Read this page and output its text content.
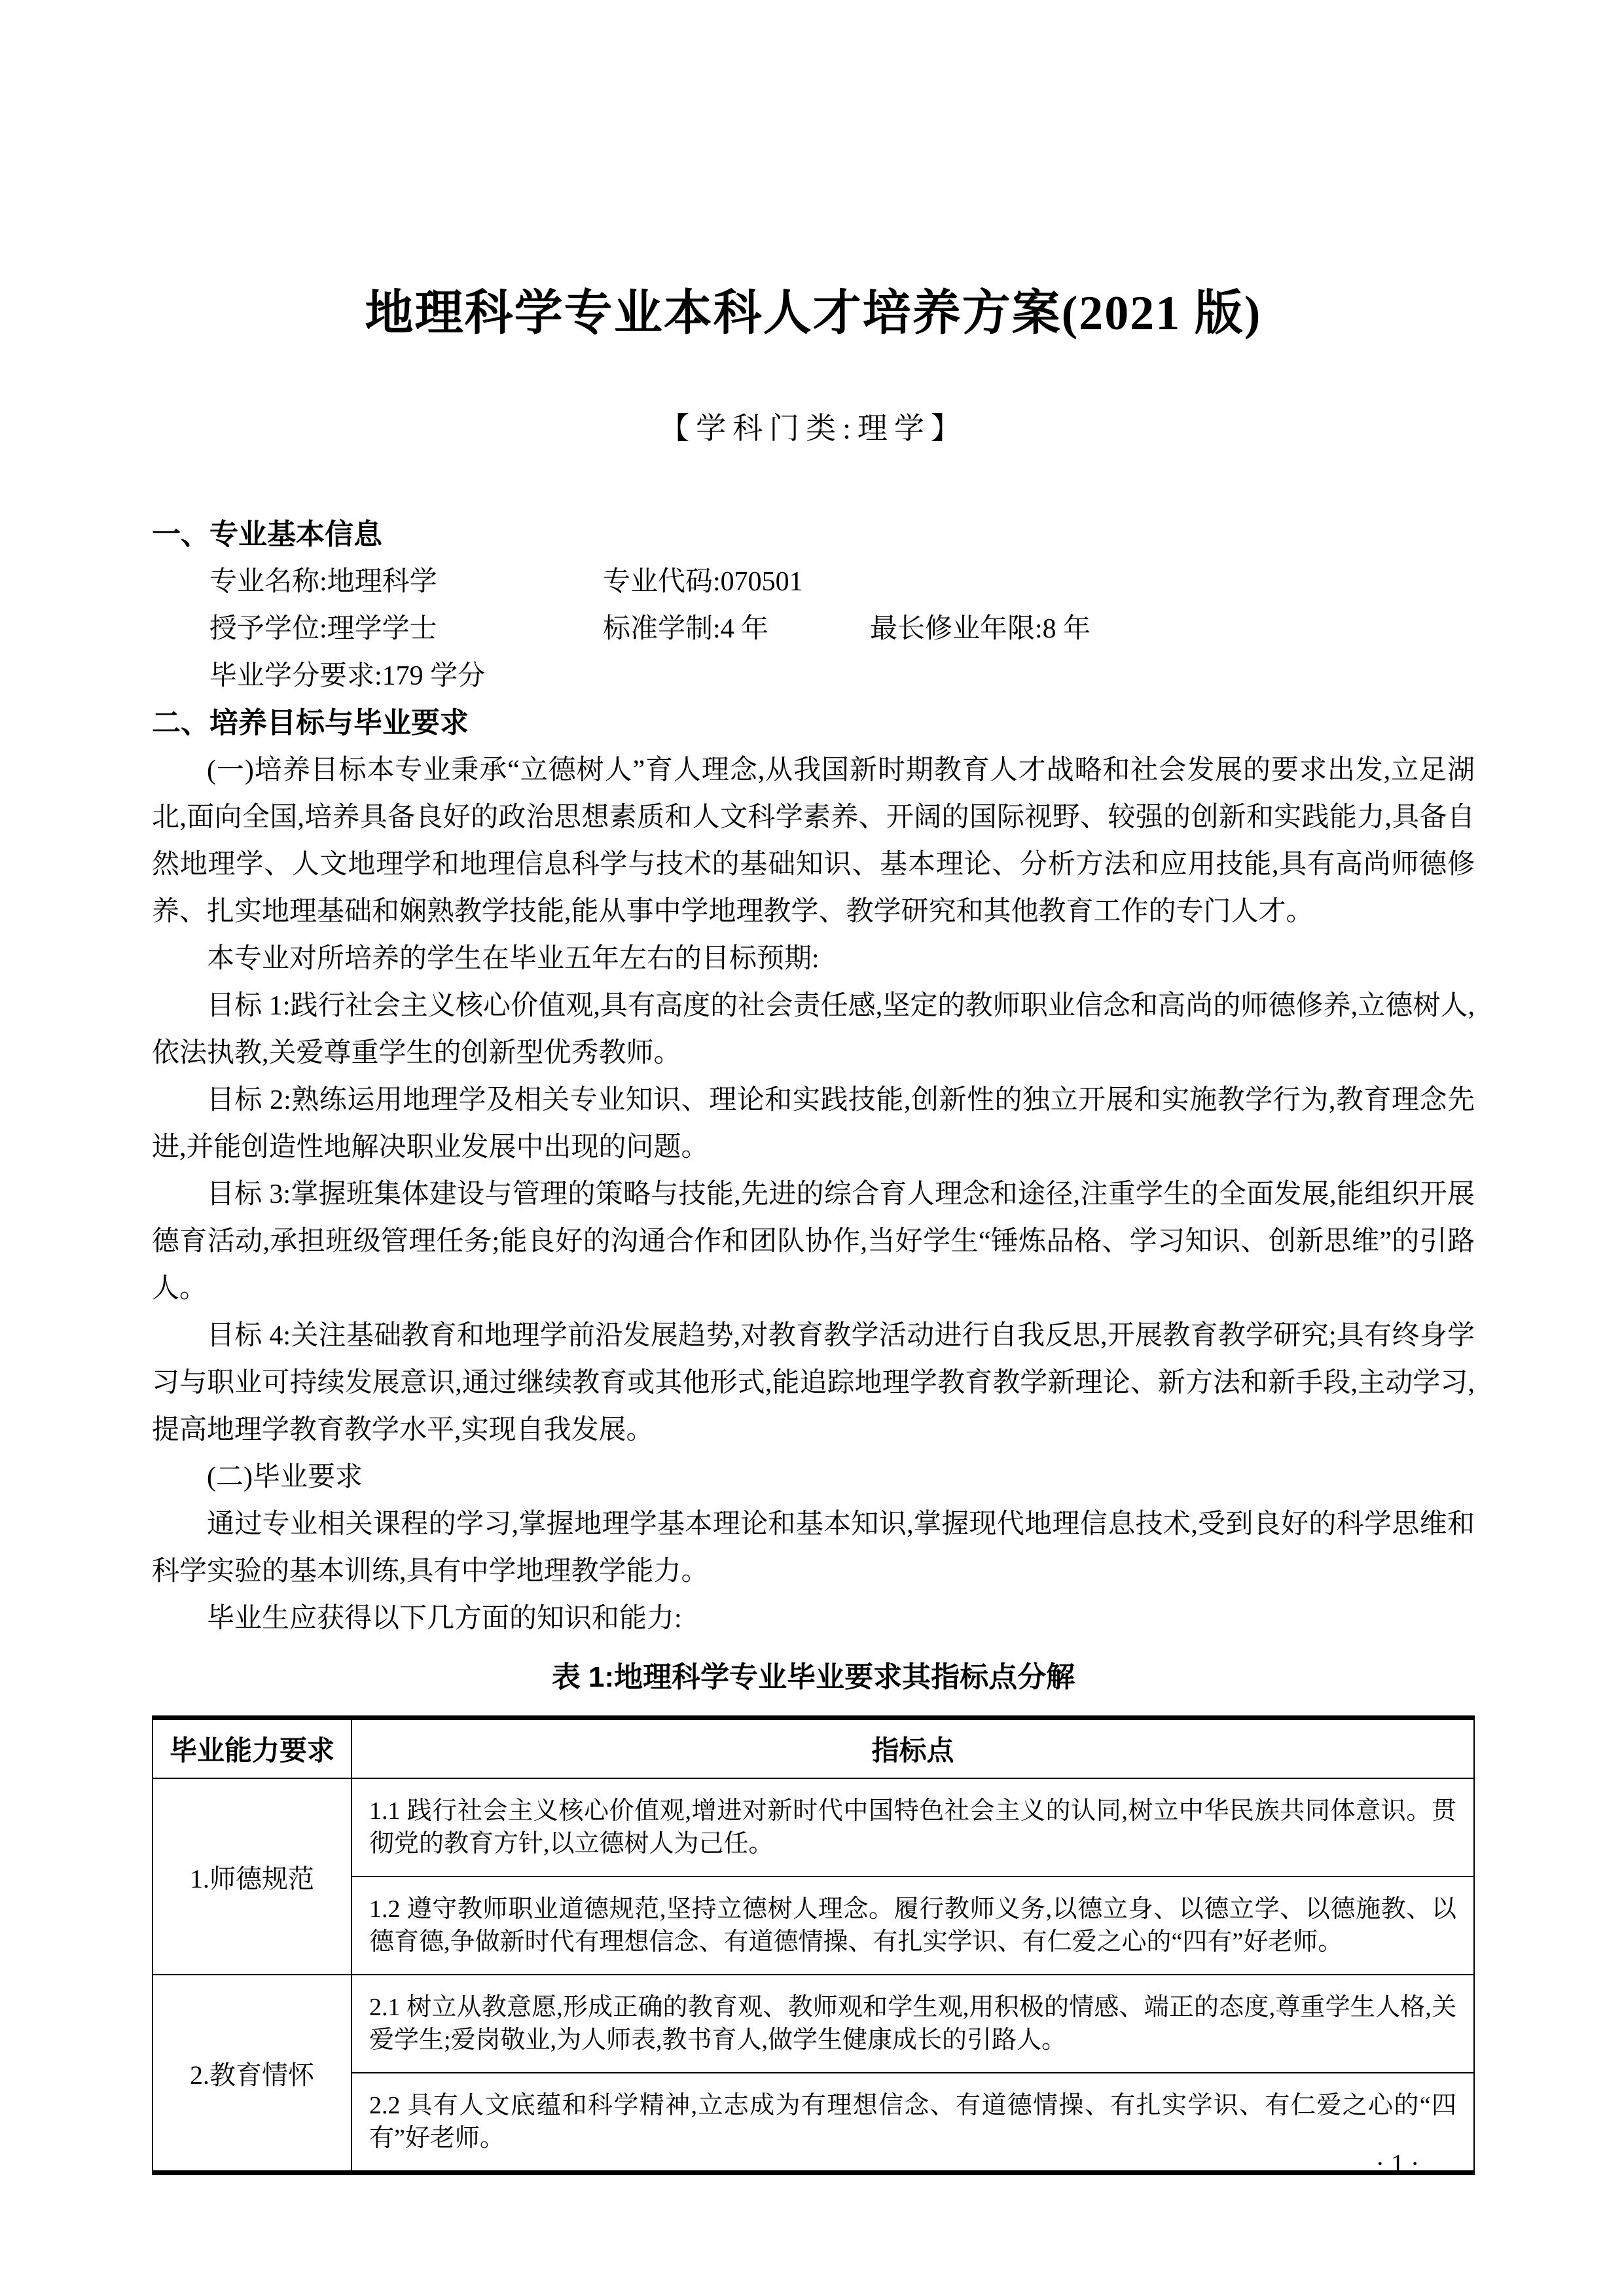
地理科学专业本科人才培养方案(2021 版)
【学科门类:理学】
一、专业基本信息
专业名称:地理科学	专业代码:070501
授予学位:理学学士	标准学制:4 年	最长修业年限:8 年
毕业学分要求:179 学分
二、培养目标与毕业要求

(一)培养目标本专业秉承“立德树人”育人理念,从我国新时期教育人才战略和社会发展的要求出发,立足湖北,面向全国,培养具备良好的政治思想素质和人文科学素养、开阔的国际视野、较强的创新和实践能力,具备自然地理学、人文地理学和地理信息科学与技术的基础知识、基本理论、分析方法和应用技能,具有高尚师德修养、扎实地理基础和娴熟教学技能,能从事中学地理教学、教学研究和其他教育工作的专门人才。

本专业对所培养的学生在毕业五年左右的目标预期:

目标 1:践行社会主义核心价值观,具有高度的社会责任感,坚定的教师职业信念和高尚的师德修养,立德树人,依法执教,关爱尊重学生的创新型优秀教师。

目标 2:熟练运用地理学及相关专业知识、理论和实践技能,创新性的独立开展和实施教学行为,教育理念先进,并能创造性地解决职业发展中出现的问题。

目标 3:掌握班集体建设与管理的策略与技能,先进的综合育人理念和途径,注重学生的全面发展,能组织开展德育活动,承担班级管理任务;能良好的沟通合作和团队协作,当好学生“锤炼品格、学习知识、创新思维”的引路人。

目标 4:关注基础教育和地理学前沿发展趋势,对教育教学活动进行自我反思,开展教育教学研究;具有终身学习与职业可持续发展意识,通过继续教育或其他形式,能追踪地理学教育教学新理论、新方法和新手段,主动学习,提高地理学教育教学水平,实现自我发展。

(二)毕业要求

通过专业相关课程的学习,掌握地理学基本理论和基本知识,掌握现代地理信息技术,受到良好的科学思维和科学实验的基本训练,具有中学地理教学能力。

毕业生应获得以下几方面的知识和能力:

表 1:地理科学专业毕业要求其指标点分解
毕业能力要求	指标点
1.师德规范	1.1 践行社会主义核心价值观,增进对新时代中国特色社会主义的认同,树立中华民族共同体意识。贯彻党的教育方针,以立德树人为己任。
	1.2 遵守教师职业道德规范,坚持立德树人理念。履行教师义务,以德立身、以德立学、以德施教、以德育德,争做新时代有理想信念、有道德情操、有扎实学识、有仁爱之心的“四有”好老师。
2.教育情怀	2.1 树立从教意愿,形成正确的教育观、教师观和学生观,用积极的情感、端正的态度,尊重学生人格,关爱学生;爱岗敬业,为人师表,教书育人,做学生健康成长的引路人。
	2.2 具有人文底蕴和科学精神,立志成为有理想信念、有道德情操、有扎实学识、有仁爱之心的“四有”好老师。
· 1 ·
